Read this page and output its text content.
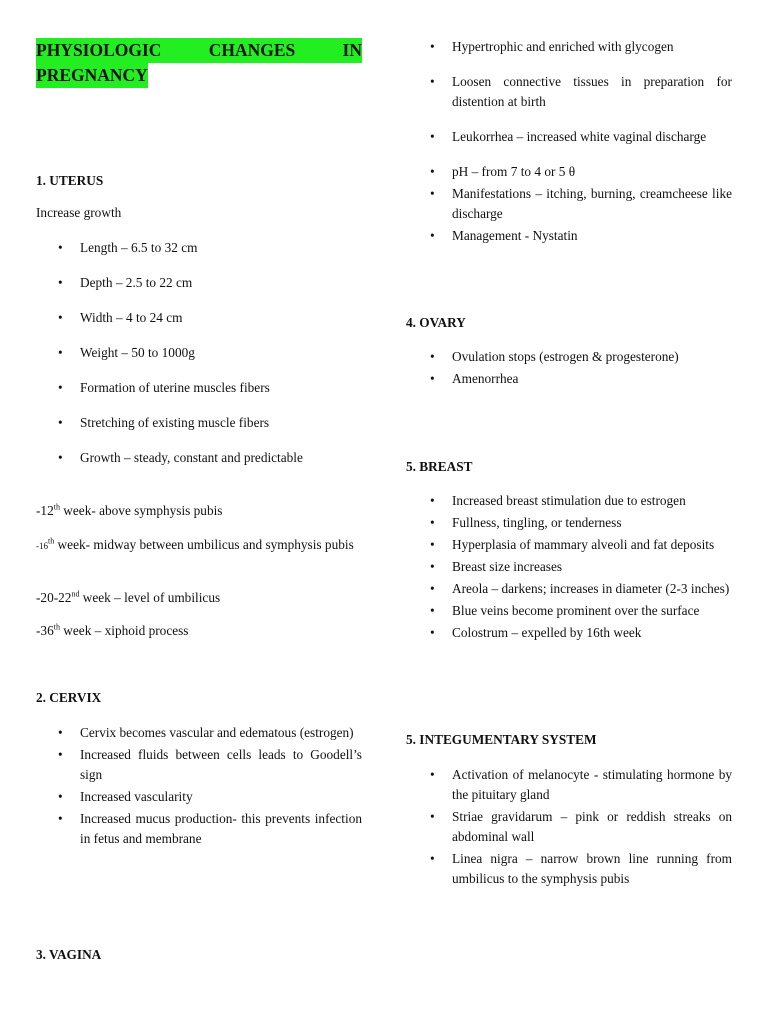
PHYSIOLOGIC	CHANGES	IN
PREGNANCY
1. UTERUS

Increase growth

• Length – 6.5 to 32 cm
• Depth – 2.5 to 22 cm
• Width – 4 to 24 cm
• Weight – 50 to 1000g
• Formation of uterine muscles fibers
• Stretching of existing muscle fibers
• Growth – steady, constant and predictable

-12th week- above symphysis pubis

-16th week- midway between umbilicus and symphysis pubis

-20-22nd week – level of umbilicus

-36th week – xiphoid process

2. CERVIX
• Cervix becomes vascular and edematous (estrogen)
• Increased fluids between cells leads to Goodell’s sign
• Increased vascularity
• Increased mucus production- this prevents infection in fetus and membrane
3. VAGINA
• Hypertrophic and enriched with glycogen
• Loosen connective tissues in preparation for distention at birth
• Leukorrhea – increased white vaginal discharge
• pH – from 7 to 4 or 5 θ
• Manifestations – itching, burning, creamcheese like discharge
• Management - Nystatin
4. OVARY
• Ovulation stops (estrogen & progesterone)
• Amenorrhea
5. BREAST
• Increased breast stimulation due to estrogen
• Fullness, tingling, or tenderness
• Hyperplasia of mammary alveoli and fat deposits
• Breast size increases
• Areola – darkens; increases in diameter (2-3 inches)
• Blue veins become prominent over the surface
• Colostrum – expelled by 16th week
5. INTEGUMENTARY SYSTEM
• Activation of melanocyte - stimulating hormone by the pituitary gland
• Striae gravidarum – pink or reddish streaks on abdominal wall
• Linea nigra – narrow brown line running from umbilicus to the symphysis pubis
